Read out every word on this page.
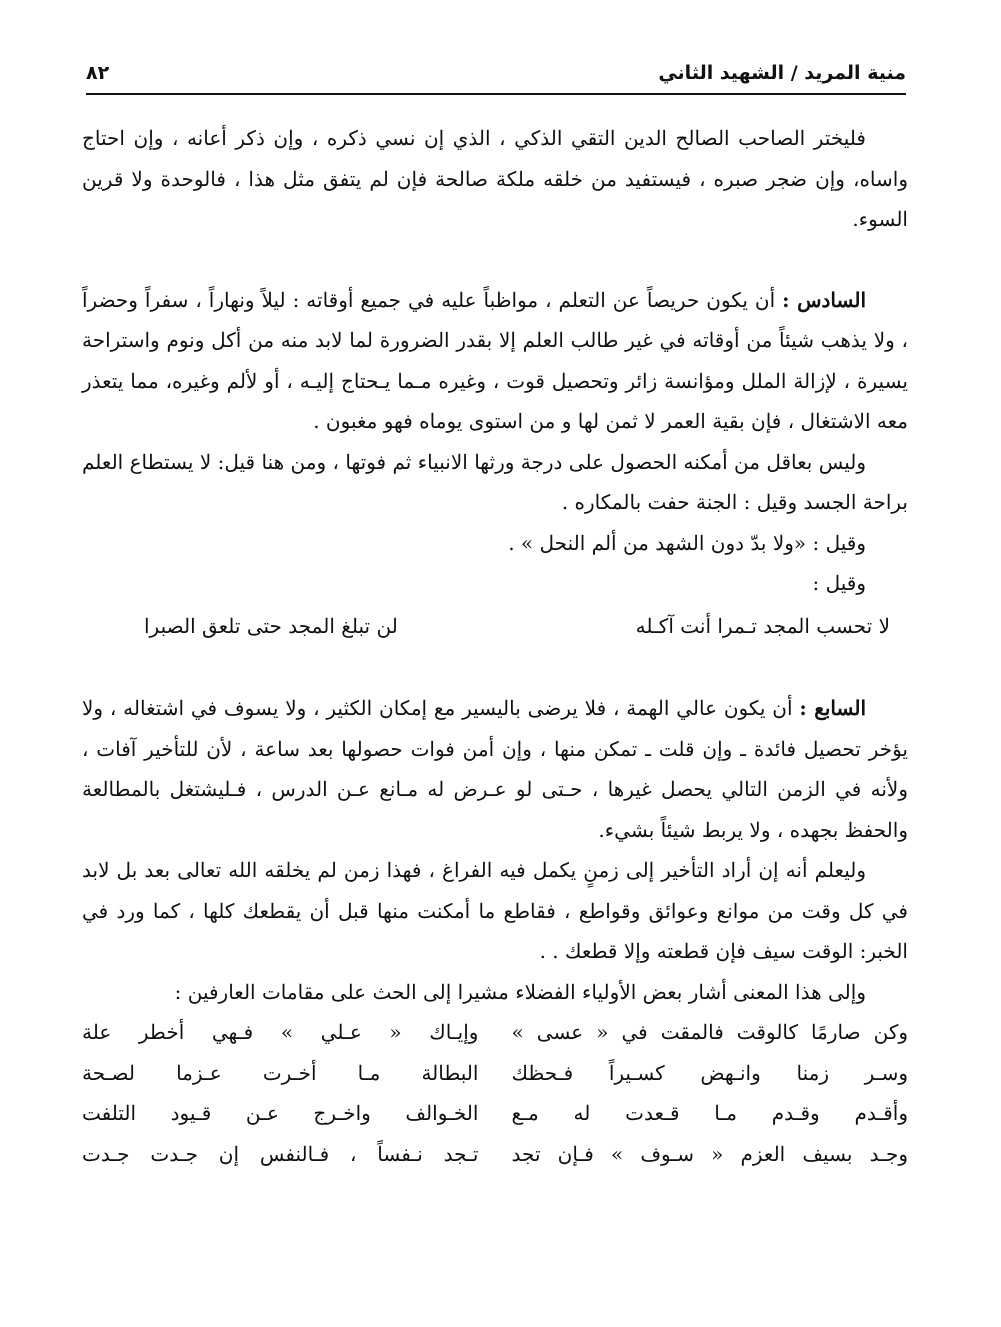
منية المريد / الشهيد الثاني
٨٢

فليختر الصاحب الصالح الدين التقي الذكي ، الذي إن نسي ذكره ، وإن ذكر أعانه ، وإن احتاج واساه، وإن ضجر صبره ، فيستفيد من خلقه ملكة صالحة فإن لم يتفق مثل هذا ، فالوحدة ولا قرين السوء.

السادس : أن يكون حريصاً عن التعلم ، مواظباً عليه في جميع أوقاته : ليلاً ونهاراً ، سفراً وحضراً ، ولا يذهب شيئاً من أوقاته في غير طالب العلم إلا بقدر الضرورة لما لابد منه من أكل ونوم واستراحة يسيرة ، لإزالة الملل ومؤانسة زائر وتحصيل قوت ، وغيره مـما يـحتاج إليـه ، أو لألم وغيره، مما يتعذر معه الاشتغال ، فإن بقية العمر لا ثمن لها و من استوى يوماه فهو مغبون .

وليس بعاقل من أمكنه الحصول على درجة ورثها الانبياء ثم فوتها ، ومن هنا قيل: لا يستطاع العلم براحة الجسد وقيل : الجنة حفت بالمكاره .

وقيل : «ولا بدّ دون الشهد من ألم النحل » .

وقيل :

لا تحسب المجد تـمرا أنت آكـله
لن تبلغ المجد حتى تلعق الصبرا

السابع : أن يكون عالي الهمة ، فلا يرضى باليسير مع إمكان الكثير ، ولا يسوف في اشتغاله ، ولا يؤخر تحصيل فائدة ـ وإن قلت ـ تمكن منها ، وإن أمن فوات حصولها بعد ساعة ، لأن للتأخير آفات ، ولأنه في الزمن التالي يحصل غيرها ، حـتى لو عـرض له مـانع عـن الدرس ، فـليشتغل بالمطالعة والحفظ بجهده ، ولا يربط شيئاً بشيء.

وليعلم أنه إن أراد التأخير إلى زمنٍ يكمل فيه الفراغ ، فهذا زمن لم يخلقه الله تعالى بعد بل لابد في كل وقت من موانع وعوائق وقواطع ، فقاطع ما أمكنت منها قبل أن يقطعك كلها ، كما ورد في الخبر: الوقت سيف فإن قطعته وإلا قطعك . .

وإلى هذا المعنى أشار بعض الأولياء الفضلاء مشيرا إلى الحث على مقامات العارفين :

وكن صارمًا كالوقت فالمقت في « عسى »
وإيـاك « عـلي » فـهي أخطر علة
وسـر زمنا وانـهض كسـيراً فـحظك
البطالة مـا أخـرت عـزما لصـحة
وأقـدم وقـدم مـا قـعدت له مـع
الخـوالف واخـرج عـن قـيود التلفت
وجـد بسيف العزم « سـوف » فـإن تجد
تـجد نـفساً ، فـالنفس إن جـدت جـدت
